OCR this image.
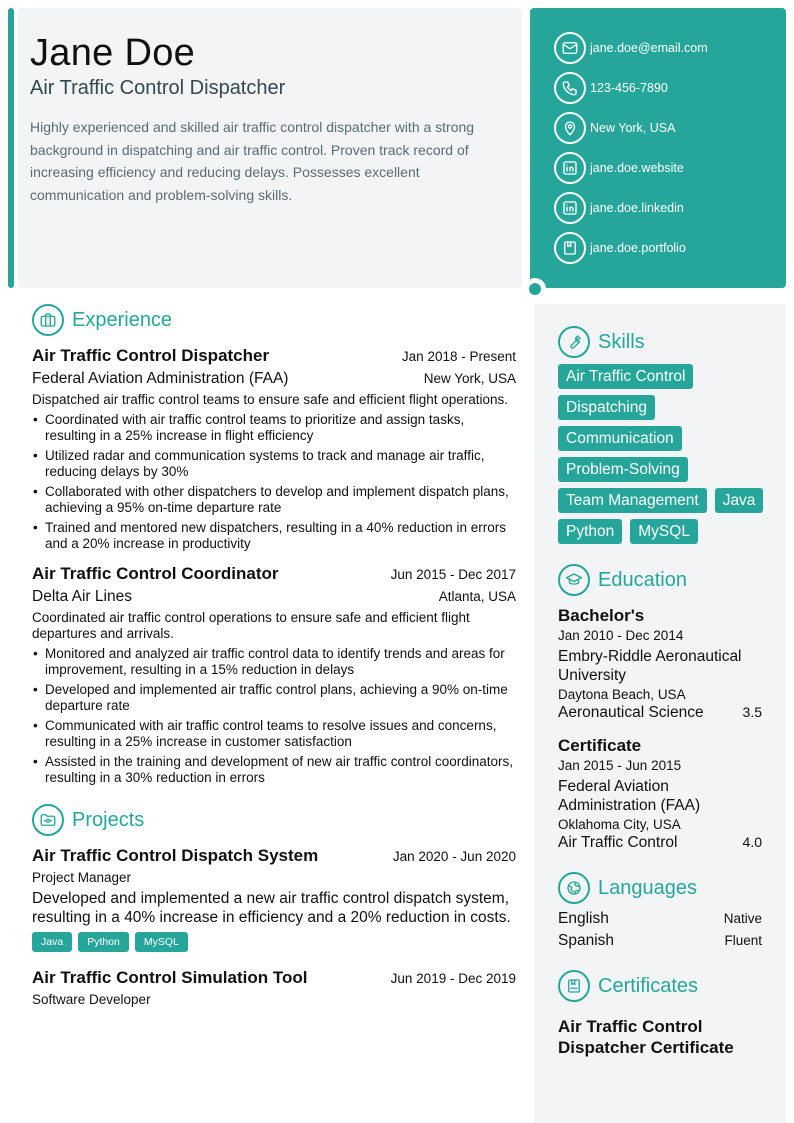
Jane Doe
Air Traffic Control Dispatcher
Highly experienced and skilled air traffic control dispatcher with a strong background in dispatching and air traffic control. Proven track record of increasing efficiency and reducing delays. Possesses excellent communication and problem-solving skills.
jane.doe@email.com
123-456-7890
New York, USA
jane.doe.website
jane.doe.linkedin
jane.doe.portfolio
Experience
Air Traffic Control Dispatcher	Jan 2018 - Present
Federal Aviation Administration (FAA)	New York, USA
Dispatched air traffic control teams to ensure safe and efficient flight operations.
• Coordinated with air traffic control teams to prioritize and assign tasks, resulting in a 25% increase in flight efficiency
• Utilized radar and communication systems to track and manage air traffic, reducing delays by 30%
• Collaborated with other dispatchers to develop and implement dispatch plans, achieving a 95% on-time departure rate
• Trained and mentored new dispatchers, resulting in a 40% reduction in errors and a 20% increase in productivity
Air Traffic Control Coordinator	Jun 2015 - Dec 2017
Delta Air Lines	Atlanta, USA
Coordinated air traffic control operations to ensure safe and efficient flight departures and arrivals.
• Monitored and analyzed air traffic control data to identify trends and areas for improvement, resulting in a 15% reduction in delays
• Developed and implemented air traffic control plans, achieving a 90% on-time departure rate
• Communicated with air traffic control teams to resolve issues and concerns, resulting in a 25% increase in customer satisfaction
• Assisted in the training and development of new air traffic control coordinators, resulting in a 30% reduction in errors
Projects
Air Traffic Control Dispatch System	Jan 2020 - Jun 2020
Project Manager
Developed and implemented a new air traffic control dispatch system, resulting in a 40% increase in efficiency and a 20% reduction in costs.
Java	Python	MySQL
Air Traffic Control Simulation Tool	Jun 2019 - Dec 2019
Software Developer
Skills
Air Traffic Control
Dispatching
Communication
Problem-Solving
Team Management	Java
Python	MySQL
Education
Bachelor's
Jan 2010 - Dec 2014
Embry-Riddle Aeronautical University
Daytona Beach, USA
Aeronautical Science	3.5
Certificate
Jan 2015 - Jun 2015
Federal Aviation Administration (FAA)
Oklahoma City, USA
Air Traffic Control	4.0
Languages
English	Native
Spanish	Fluent
Certificates
Air Traffic Control Dispatcher Certificate
